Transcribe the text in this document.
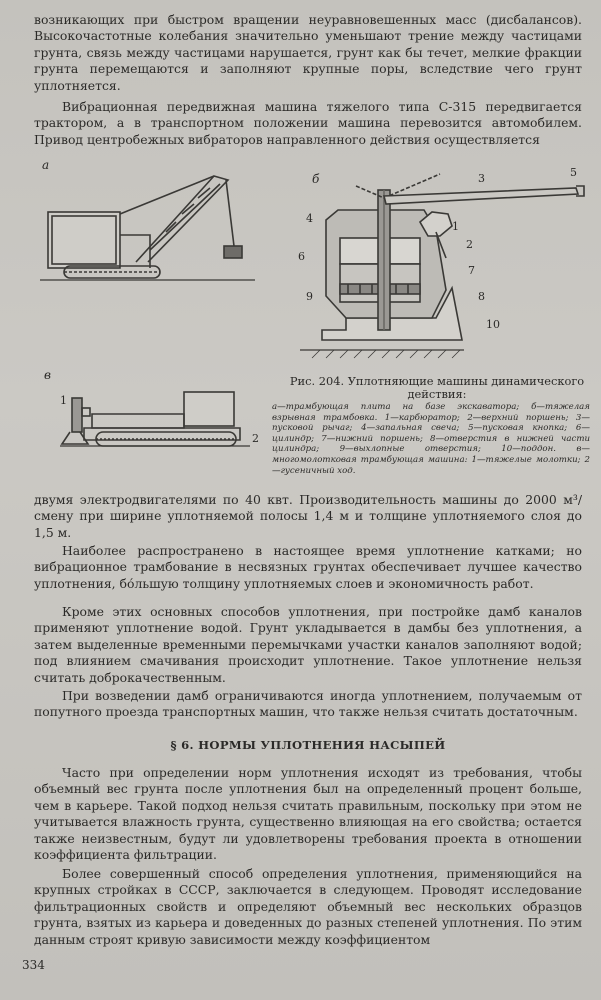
возникающих при быстром вращении неуравновешенных масс (дисбалансов). Высокочастотные колебания значительно уменьшают трение между частицами грунта, связь между частицами нарушается, грунт как бы течет, мелкие фракции грунта перемещаются и заполняют крупные поры, вследствие чего грунт уплотняется.

Вибрационная передвижная машина тяжелого типа С-315 передвигается трактором, а в транспортном положении машина перевозится автомобилем. Привод центробежных вибраторов направленного действия осуществляется

а
б
в
1
2
3
4
5
6
7
8
9
10
1
2

Рис. 204. Уплотняющие машины динамического действия:

а—трамбующая плита на базе экскаватора; б—тяжелая взрывная трамбовка. 1—карбюратор; 2—верхний поршень; 3—пусковой рычаг; 4—запальная свеча; 5—пусковая кнопка; 6—цилиндр; 7—нижний поршень; 8—отверстия в нижней части цилиндра; 9—выхлопные отверстия; 10—поддон. в—многомолотковая трамбующая машина: 1—тяжелые молотки; 2—гусеничный ход.

двумя электродвигателями по 40 квт. Производительность машины до 2000 м³/смену при ширине уплотняемой полосы 1,4 м и толщине уплотняемого слоя до 1,5 м.

Наиболее распространено в настоящее время уплотнение катками; но вибрационное трамбование в несвязных грунтах обеспечивает лучшее качество уплотнения, бо́льшую толщину уплотняемых слоев и экономичность работ.

Кроме этих основных способов уплотнения, при постройке дамб каналов применяют уплотнение водой. Грунт укладывается в дамбы без уплотнения, а затем выделенные временными перемычками участки каналов заполняют водой; под влиянием смачивания происходит уплотнение. Такое уплотнение нельзя считать доброкачественным.

При возведении дамб ограничиваются иногда уплотнением, получаемым от попутного проезда транспортных машин, что также нельзя считать достаточным.

§ 6. НОРМЫ УПЛОТНЕНИЯ НАСЫПЕЙ

Часто при определении норм уплотнения исходят из требования, чтобы объемный вес грунта после уплотнения был на определенный процент больше, чем в карьере. Такой подход нельзя считать правильным, поскольку при этом не учитывается влажность грунта, существенно влияющая на его свойства; остается также неизвестным, будут ли удовлетворены требования проекта в отношении коэффициента фильтрации.

Более совершенный способ определения уплотнения, применяющийся на крупных стройках в СССР, заключается в следующем. Проводят исследование фильтрационных свойств и определяют объемный вес нескольких образцов грунта, взятых из карьера и доведенных до разных степеней уплотнения. По этим данным строят кривую зависимости между коэффициентом

334
